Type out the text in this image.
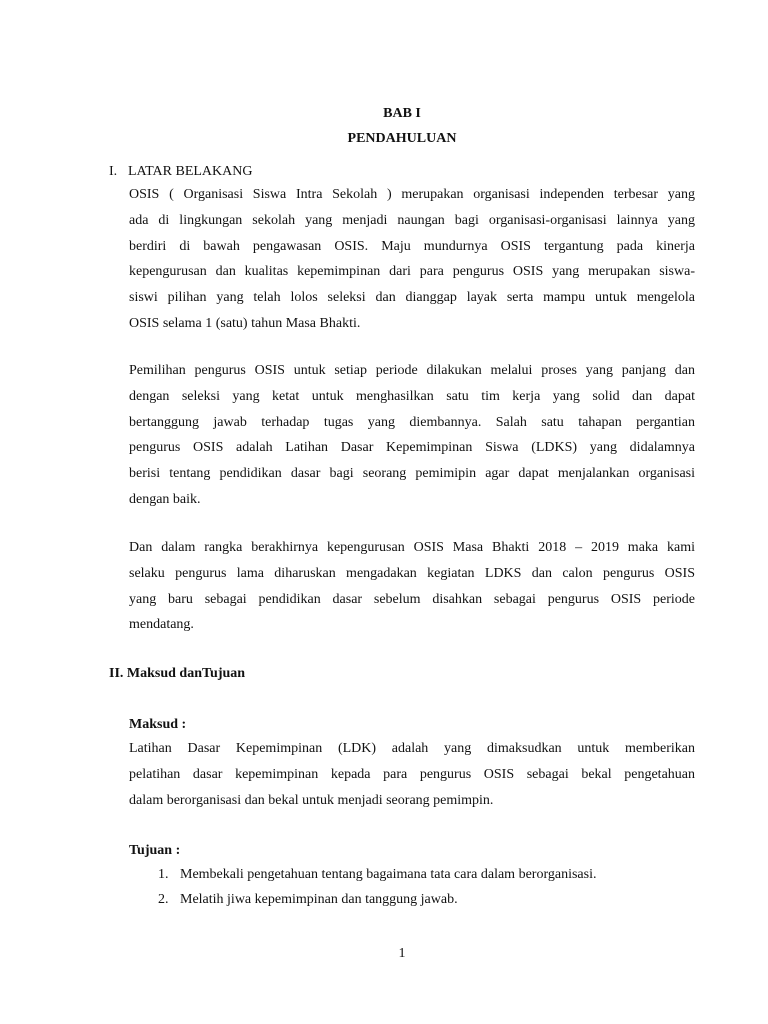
BAB I
PENDAHULUAN
I. LATAR BELAKANG
OSIS ( Organisasi Siswa Intra Sekolah ) merupakan organisasi independen terbesar yang
ada di lingkungan sekolah yang menjadi naungan bagi organisasi-organisasi lainnya yang
berdiri di bawah pengawasan OSIS. Maju mundurnya OSIS tergantung pada kinerja
kepengurusan dan kualitas kepemimpinan dari para pengurus OSIS yang merupakan siswa-
siswi pilihan yang telah lolos seleksi dan dianggap layak serta mampu untuk mengelola
OSIS selama 1 (satu) tahun Masa Bhakti.
Pemilihan pengurus OSIS untuk setiap periode dilakukan melalui proses yang panjang dan
dengan seleksi yang ketat untuk menghasilkan satu tim kerja yang solid dan dapat
bertanggung jawab terhadap tugas yang diembannya. Salah satu tahapan pergantian
pengurus OSIS adalah Latihan Dasar Kepemimpinan Siswa (LDKS) yang didalamnya
berisi tentang pendidikan dasar bagi seorang pemimipin agar dapat menjalankan organisasi
dengan baik.
Dan dalam rangka berakhirnya kepengurusan OSIS Masa Bhakti 2018 – 2019 maka kami
selaku pengurus lama diharuskan mengadakan kegiatan LDKS dan calon pengurus OSIS
yang baru sebagai pendidikan dasar sebelum disahkan sebagai pengurus OSIS periode
mendatang.
II. Maksud danTujuan
Maksud :
Latihan Dasar Kepemimpinan (LDK) adalah yang dimaksudkan untuk memberikan
pelatihan dasar kepemimpinan kepada para pengurus OSIS sebagai bekal pengetahuan
dalam berorganisasi dan bekal untuk menjadi seorang pemimpin.
Tujuan :
1. Membekali pengetahuan tentang bagaimana tata cara dalam berorganisasi.
2. Melatih jiwa kepemimpinan dan tanggung jawab.
1
